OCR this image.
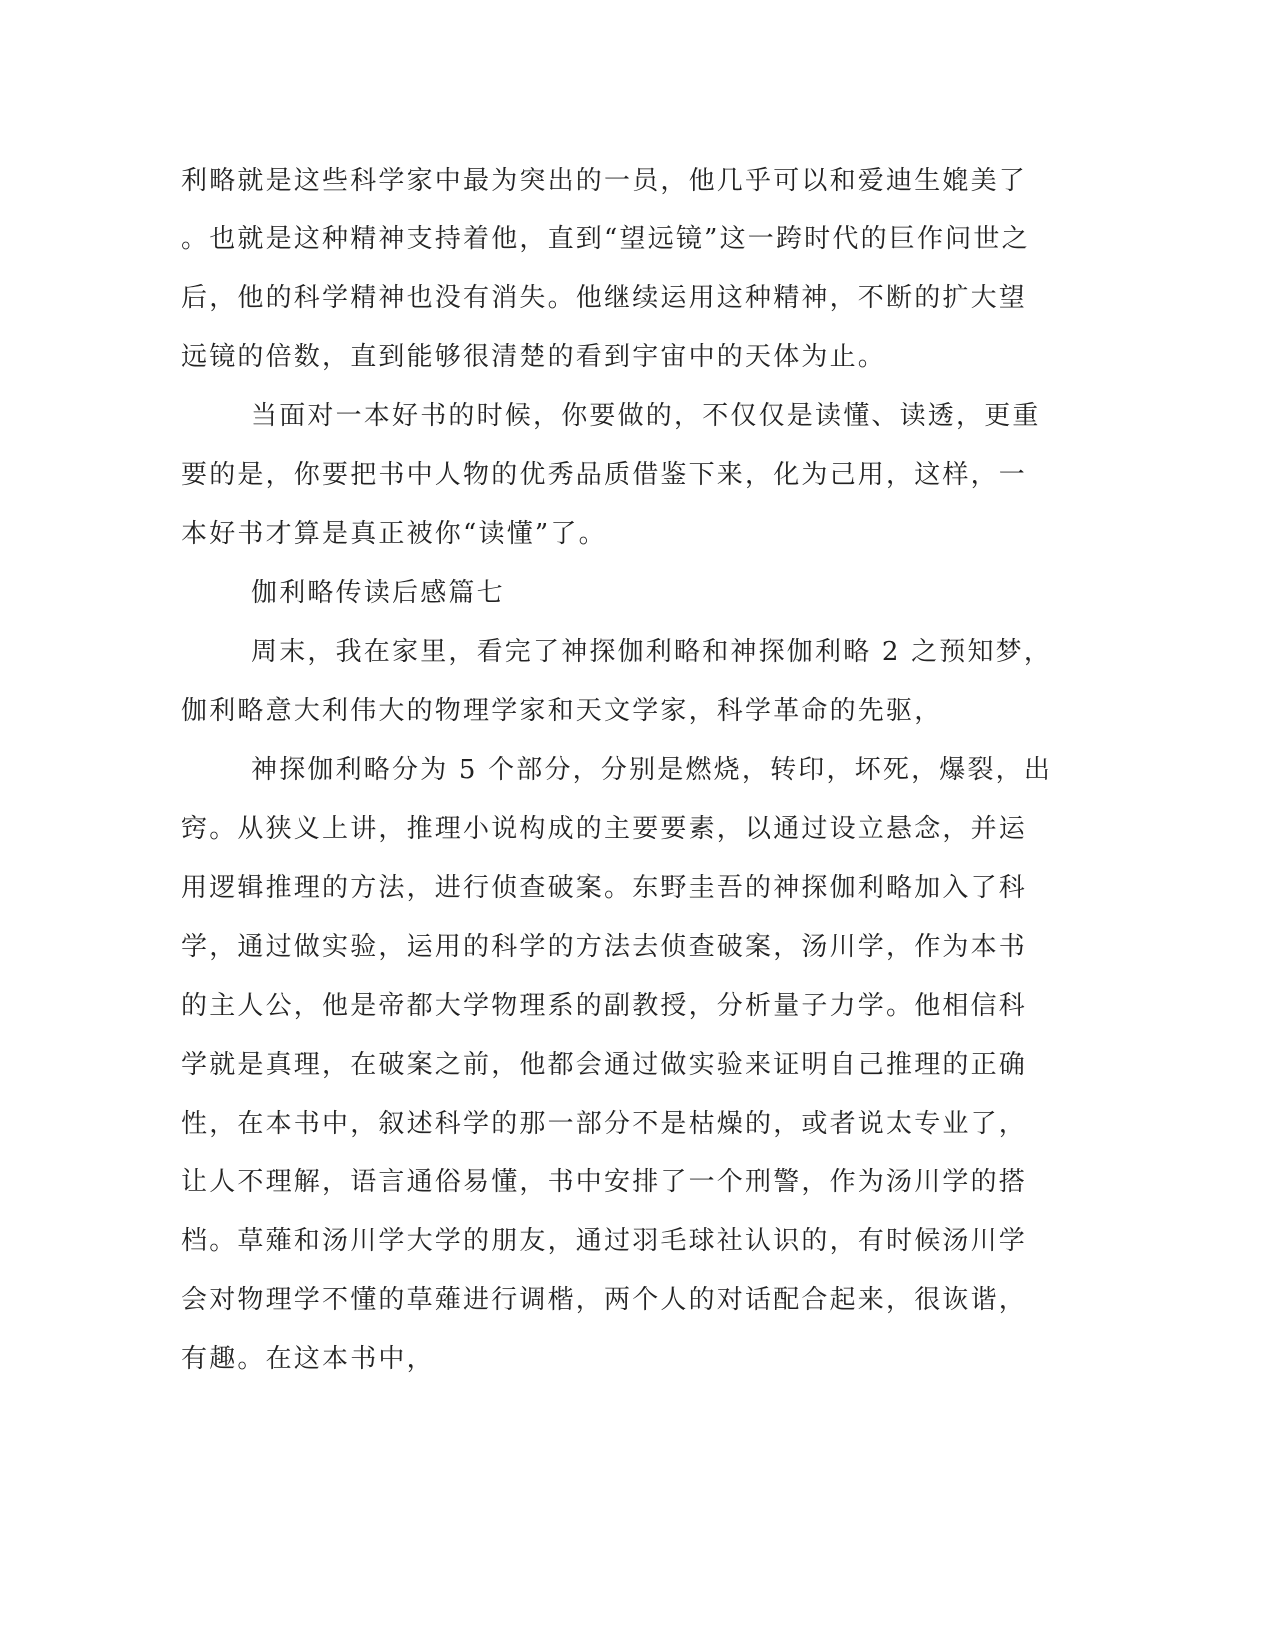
利略就是这些科学家中最为突出的一员，他几乎可以和爱迪生媲美了
。也就是这种精神支持着他，直到“望远镜”这一跨时代的巨作问世之
后，他的科学精神也没有消失。他继续运用这种精神，不断的扩大望
远镜的倍数，直到能够很清楚的看到宇宙中的天体为止。
当面对一本好书的时候，你要做的，不仅仅是读懂、读透，更重
要的是，你要把书中人物的优秀品质借鉴下来，化为己用，这样，一
本好书才算是真正被你“读懂”了。
伽利略传读后感篇七
周末，我在家里，看完了神探伽利略和神探伽利略 2 之预知梦，
伽利略意大利伟大的物理学家和天文学家，科学革命的先驱，
神探伽利略分为 5 个部分，分别是燃烧，转印，坏死，爆裂，出
窍。从狭义上讲，推理小说构成的主要要素，以通过设立悬念，并运
用逻辑推理的方法，进行侦查破案。东野圭吾的神探伽利略加入了科
学，通过做实验，运用的科学的方法去侦查破案，汤川学，作为本书
的主人公，他是帝都大学物理系的副教授，分析量子力学。他相信科
学就是真理，在破案之前，他都会通过做实验来证明自己推理的正确
性，在本书中，叙述科学的那一部分不是枯燥的，或者说太专业了，
让人不理解，语言通俗易懂，书中安排了一个刑警，作为汤川学的搭
档。草薙和汤川学大学的朋友，通过羽毛球社认识的，有时候汤川学
会对物理学不懂的草薙进行调楷，两个人的对话配合起来，很诙谐，
有趣。在这本书中，
